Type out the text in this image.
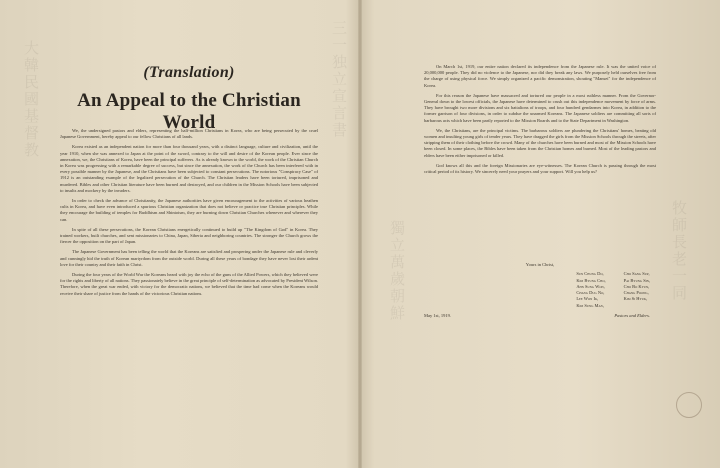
三一独立宣言書
大韓民國基督教
獨立萬歲朝鮮	牧師長老一同
(Translation)
An Appeal to the Christian World

We, the undersigned pastors and elders, representing the half-million Christians in Korea, who are being persecuted by the cruel Japanese Government, hereby appeal to our fellow Christians of all lands.

Korea existed as an independent nation for more than four thousand years, with a distinct language, culture and civilization, until the year 1910, when she was annexed to Japan at the point of the sword, contrary to the will and desire of the Korean people. Ever since the annexation, we, the Christians of Korea, have been the principal sufferers. As is already known to the world, the work of the Christian Church in Korea was progressing with a remarkable degree of success, but since the annexation, the work of the Church has been interfered with in every possible manner by the Japanese, and the Christians have been subjected to constant persecutions. The notorious "Conspiracy Case" of 1912 is an outstanding example of the legalized persecution of the Church. The Christian leaders have been tortured, imprisoned and murdered. Bibles and other Christian literature have been burned and destroyed, and our children in the Mission Schools have been subjected to insults and mockery by the invaders.

In order to check the advance of Christianity, the Japanese authorities have given encouragement to the activities of various heathen cults in Korea, and have even introduced a spurious Christian organization that does not believe or practice true Christian principles. While they encourage the building of temples for Buddhism and Shintoism, they are burning down Christian Churches whenever and wherever they can.

In spite of all these persecutions, the Korean Christians energetically continued to build up "The Kingdom of God" in Korea. They trained workers, built churches, and sent missionaries to China, Japan, Siberia and neighboring countries. The stronger the Church grows the fiercer the opposition on the part of Japan.

The Japanese Government has been telling the world that the Koreans are satisfied and prospering under the Japanese rule and cleverly and cunningly hid the truth of Korean martyrdom from the outside world. During all these years of bondage they have never lost their ardent love for their country and their faith in Christ.

During the four years of the World War the Koreans heard with joy the echo of the guns of the Allied Powers, which they believed were for the rights and liberty of all nations. They passionately believe in the great principle of self-determination as advocated by President Wilson. Therefore, when the great war ended, with victory for the democratic nations, we believed that the time had come when the Koreans would receive their share of justice from the hands of the victorious Christian nations.

On March 1st, 1919, our entire nation declared its independence from the Japanese rule. It was the united voice of 20,000,000 people. They did no violence to the Japanese, nor did they break any laws. We purposely held ourselves free from the charge of using physical force. We simply organized a pacific demonstration, shouting "Mansei" for the independence of Korea.

For this reason the Japanese have massacred and tortured our people in a most ruthless manner. From the Governor-General down to the lowest officials, the Japanese have determined to crush out this independence movement by force of arms. They have brought two more divisions and six battalions of troops, and four hundred gendarmes into Korea, in addition to the former garrison of four divisions, in order to subdue the unarmed Koreans. The Japanese soldiers are committing all sorts of barbarous acts which have been partly reported to the Mission Boards and to the State Department in Washington.

We, the Christians, are the principal victims. The barbarous soldiers are plundering the Christians' homes, beating old women and insulting young girls of tender years. They have dragged the girls from the Mission Schools through the streets, after stripping them of their clothing before the crowd. Many of the churches have been burned and most of the Mission Schools have been closed. In some places, the Bibles have been taken from the Christian homes and burned. Most of the leading pastors and elders have been either imprisoned or killed.

God knows all this and the foreign Missionaries are eye-witnesses. The Korean Church is passing through the most critical period of its history. We sincerely need your prayers and your support. Will you help us?

Yours in Christ,
Sun Chung Do,
Kim Byung Cho,
Ahn Sung Won,
Chang Dug No,
Lee Won Ik,
Kim Sung Man,
Cho Sang Sup,
Pai Byung Sin,
Cho Bo Kyun,
Chang Poong,
Kim Si Hyuk,
May 1st, 1919.	Pastors and Elders.
